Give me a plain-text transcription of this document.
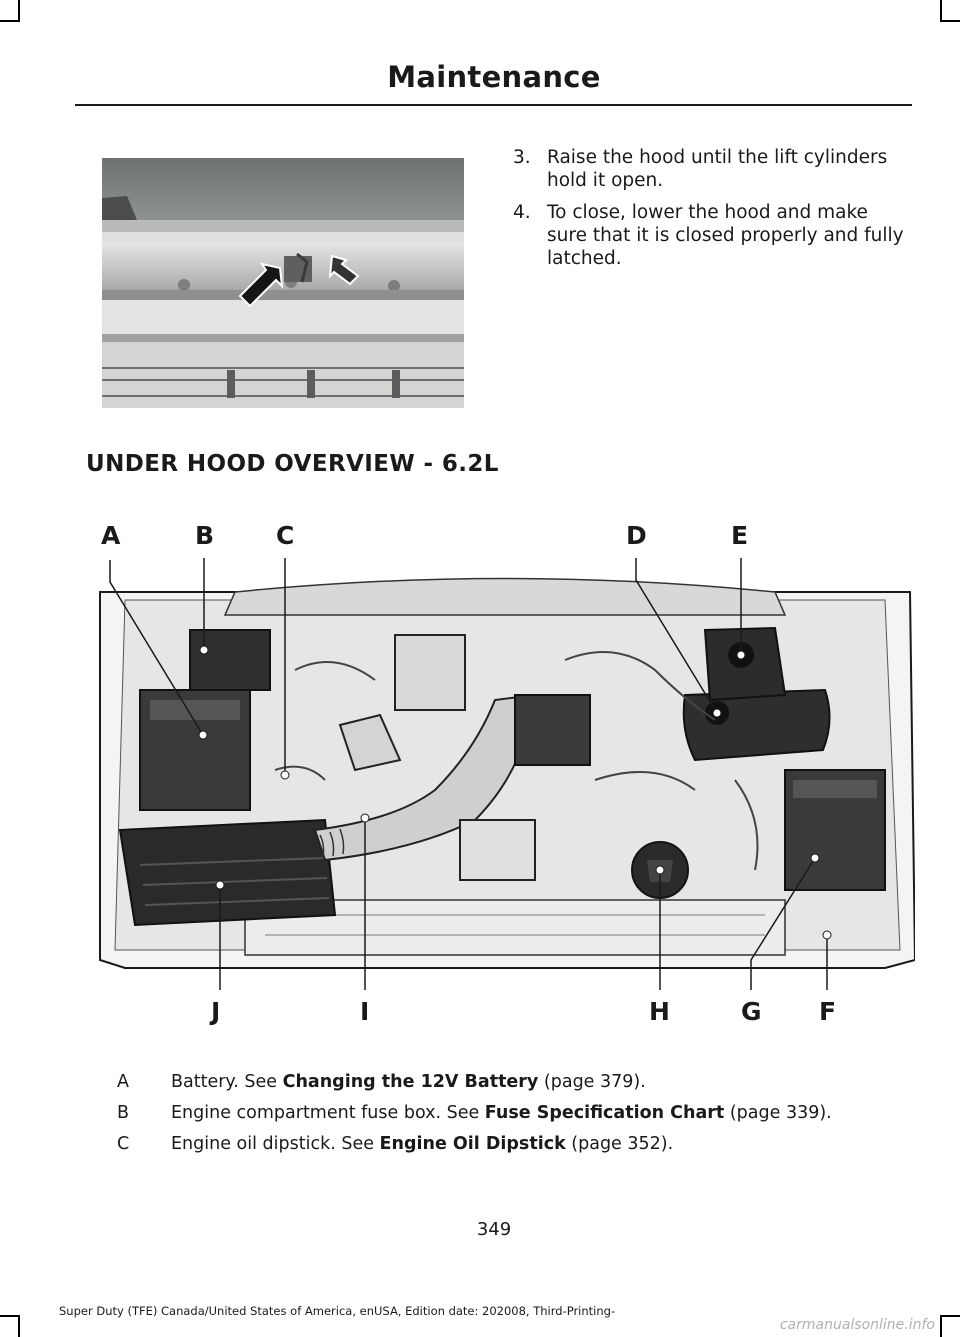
Maintenance
3. Raise the hood until the lift cylinders hold it open.
4. To close, lower the hood and make sure that it is closed properly and fully latched.
UNDER HOOD OVERVIEW - 6.2L
A	B C	D	E
J	I	H	G F
A	Battery. See Changing the 12V Battery (page 379).
B	Engine compartment fuse box. See Fuse Specification Chart (page 339).
C	Engine oil dipstick. See Engine Oil Dipstick (page 352).
349
Super Duty (TFE) Canada/United States of America, enUSA, Edition date: 202008, Third-Printing-
carmanualsonline.info
